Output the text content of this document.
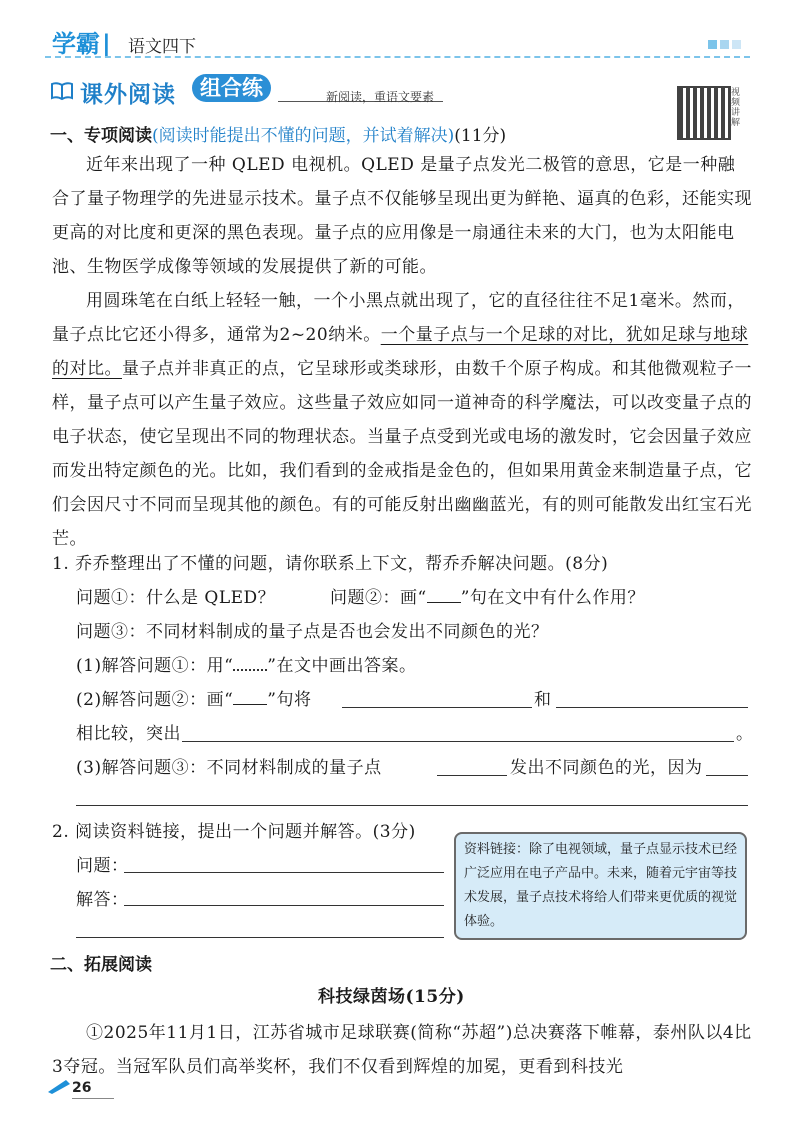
学霸| 语文四下
课外阅读	组合练	新阅读，重语文要素	视频讲解
一、专项阅读(阅读时能提出不懂的问题，并试着解决)(11分)
近年来出现了一种 QLED 电视机。QLED 是量子点发光二极管的意思，它是一种融合了量子物理学的先进显示技术。量子点不仅能够呈现出更为鲜艳、逼真的色彩，还能实现更高的对比度和更深的黑色表现。量子点的应用像是一扇通往未来的大门，也为太阳能电池、生物医学成像等领域的发展提供了新的可能。
用圆珠笔在白纸上轻轻一触，一个小黑点就出现了，它的直径往往不足1毫米。然而，量子点比它还小得多，通常为2~20纳米。一个量子点与一个足球的对比，犹如足球与地球的对比。量子点并非真正的点，它呈球形或类球形，由数千个原子构成。和其他微观粒子一样，量子点可以产生量子效应。这些量子效应如同一道神奇的科学魔法，可以改变量子点的电子状态，使它呈现出不同的物理状态。当量子点受到光或电场的激发时，它会因量子效应而发出特定颜色的光。比如，我们看到的金戒指是金色的，但如果用黄金来制造量子点，它们会因尺寸不同而呈现其他的颜色。有的可能反射出幽幽蓝光，有的则可能散发出红宝石光芒。
1. 乔乔整理出了不懂的问题，请你联系上下文，帮乔乔解决问题。(8分)
问题①：什么是 QLED？	问题②：画“ ”句在文中有什么作用？
问题③：不同材料制成的量子点是否也会发出不同颜色的光？
(1)解答问题①：用“ ”在文中画出答案。
(2)解答问题②：画“ ”句将	和
相比较，突出	。
(3)解答问题③：不同材料制成的量子点	发出不同颜色的光，因为
2. 阅读资料链接，提出一个问题并解答。(3分)
问题：
解答：
资料链接：除了电视领域，量子点显示技术已经广泛应用在电子产品中。未来，随着元宇宙等技术发展，量子点技术将给人们带来更优质的视觉体验。
二、拓展阅读
科技绿茵场(15分)
①2025年11月1日，江苏省城市足球联赛(简称“苏超”)总决赛落下帷幕，泰州队以4比3夺冠。当冠军队员们高举奖杯，我们不仅看到辉煌的加冕，更看到科技光
26
